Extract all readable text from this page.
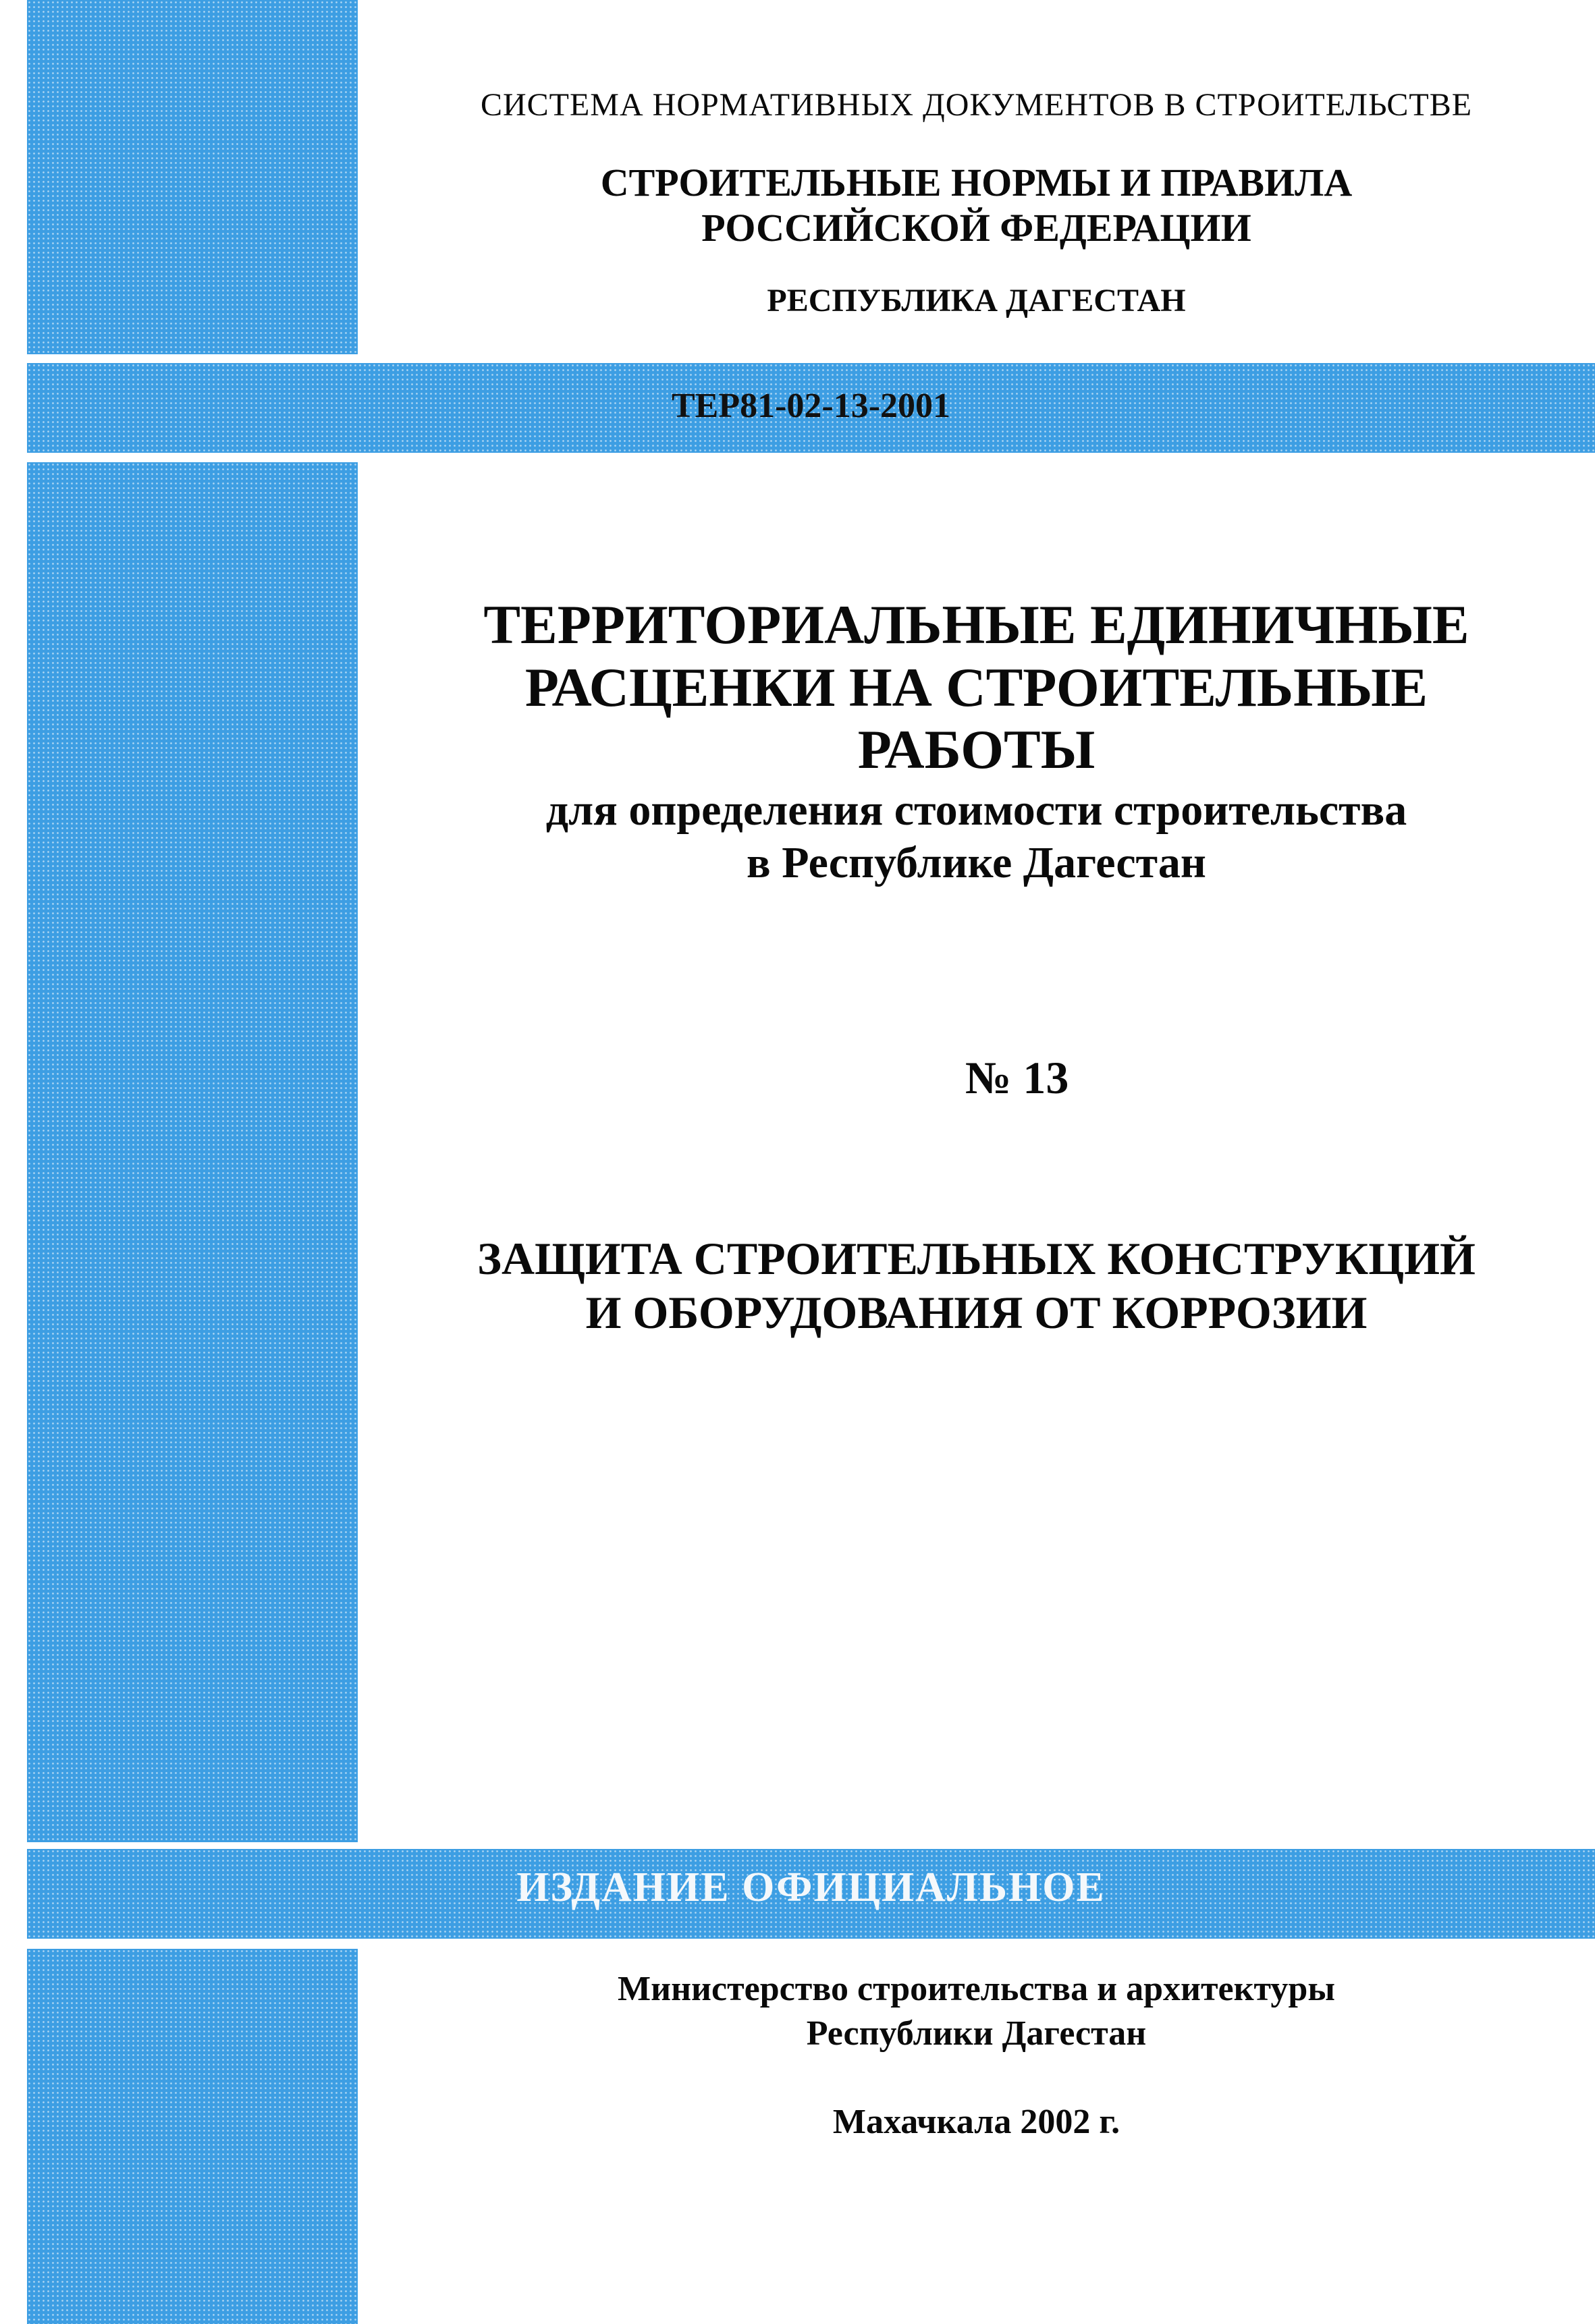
СИСТЕМА НОРМАТИВНЫХ ДОКУМЕНТОВ В СТРОИТЕЛЬСТВЕ
СТРОИТЕЛЬНЫЕ НОРМЫ И ПРАВИЛА
РОССИЙСКОЙ ФЕДЕРАЦИИ
РЕСПУБЛИКА ДАГЕСТАН
ТЕР81-02-13-2001
ТЕРРИТОРИАЛЬНЫЕ ЕДИНИЧНЫЕ
РАСЦЕНКИ НА СТРОИТЕЛЬНЫЕ
РАБОТЫ
для определения стоимости строительства
в Республике Дагестан
№ 13
ЗАЩИТА СТРОИТЕЛЬНЫХ КОНСТРУКЦИЙ
И ОБОРУДОВАНИЯ ОТ КОРРОЗИИ
ИЗДАНИЕ ОФИЦИАЛЬНОЕ
Министерство строительства и архитектуры
Республики Дагестан
Махачкала 2002 г.
